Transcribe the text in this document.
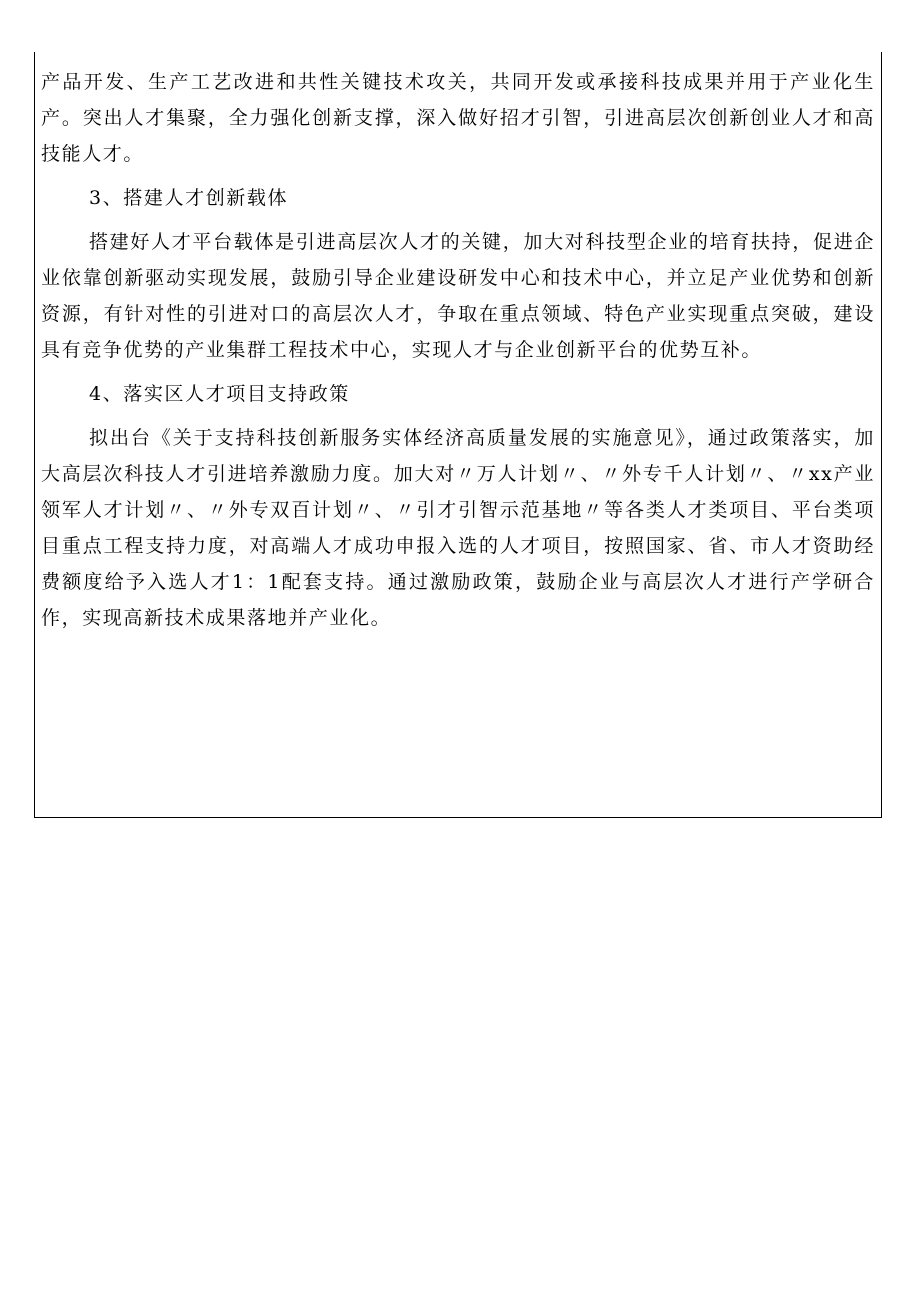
产品开发、生产工艺改进和共性关键技术攻关，共同开发或承接科技成果并用于产业化生产。突出人才集聚，全力强化创新支撑，深入做好招才引智，引进高层次创新创业人才和高技能人才。

3、搭建人才创新载体

搭建好人才平台载体是引进高层次人才的关键，加大对科技型企业的培育扶持，促进企业依靠创新驱动实现发展，鼓励引导企业建设研发中心和技术中心，并立足产业优势和创新资源，有针对性的引进对口的高层次人才，争取在重点领域、特色产业实现重点突破，建设具有竞争优势的产业集群工程技术中心，实现人才与企业创新平台的优势互补。

4、落实区人才项目支持政策

拟出台《关于支持科技创新服务实体经济高质量发展的实施意见》，通过政策落实，加大高层次科技人才引进培养激励力度。加大对〃万人计划〃、〃外专千人计划〃、〃xx产业领军人才计划〃、〃外专双百计划〃、〃引才引智示范基地〃等各类人才类项目、平台类项目重点工程支持力度，对高端人才成功申报入选的人才项目，按照国家、省、市人才资助经费额度给予入选人才1：1配套支持。通过激励政策，鼓励企业与高层次人才进行产学研合作，实现高新技术成果落地并产业化。
